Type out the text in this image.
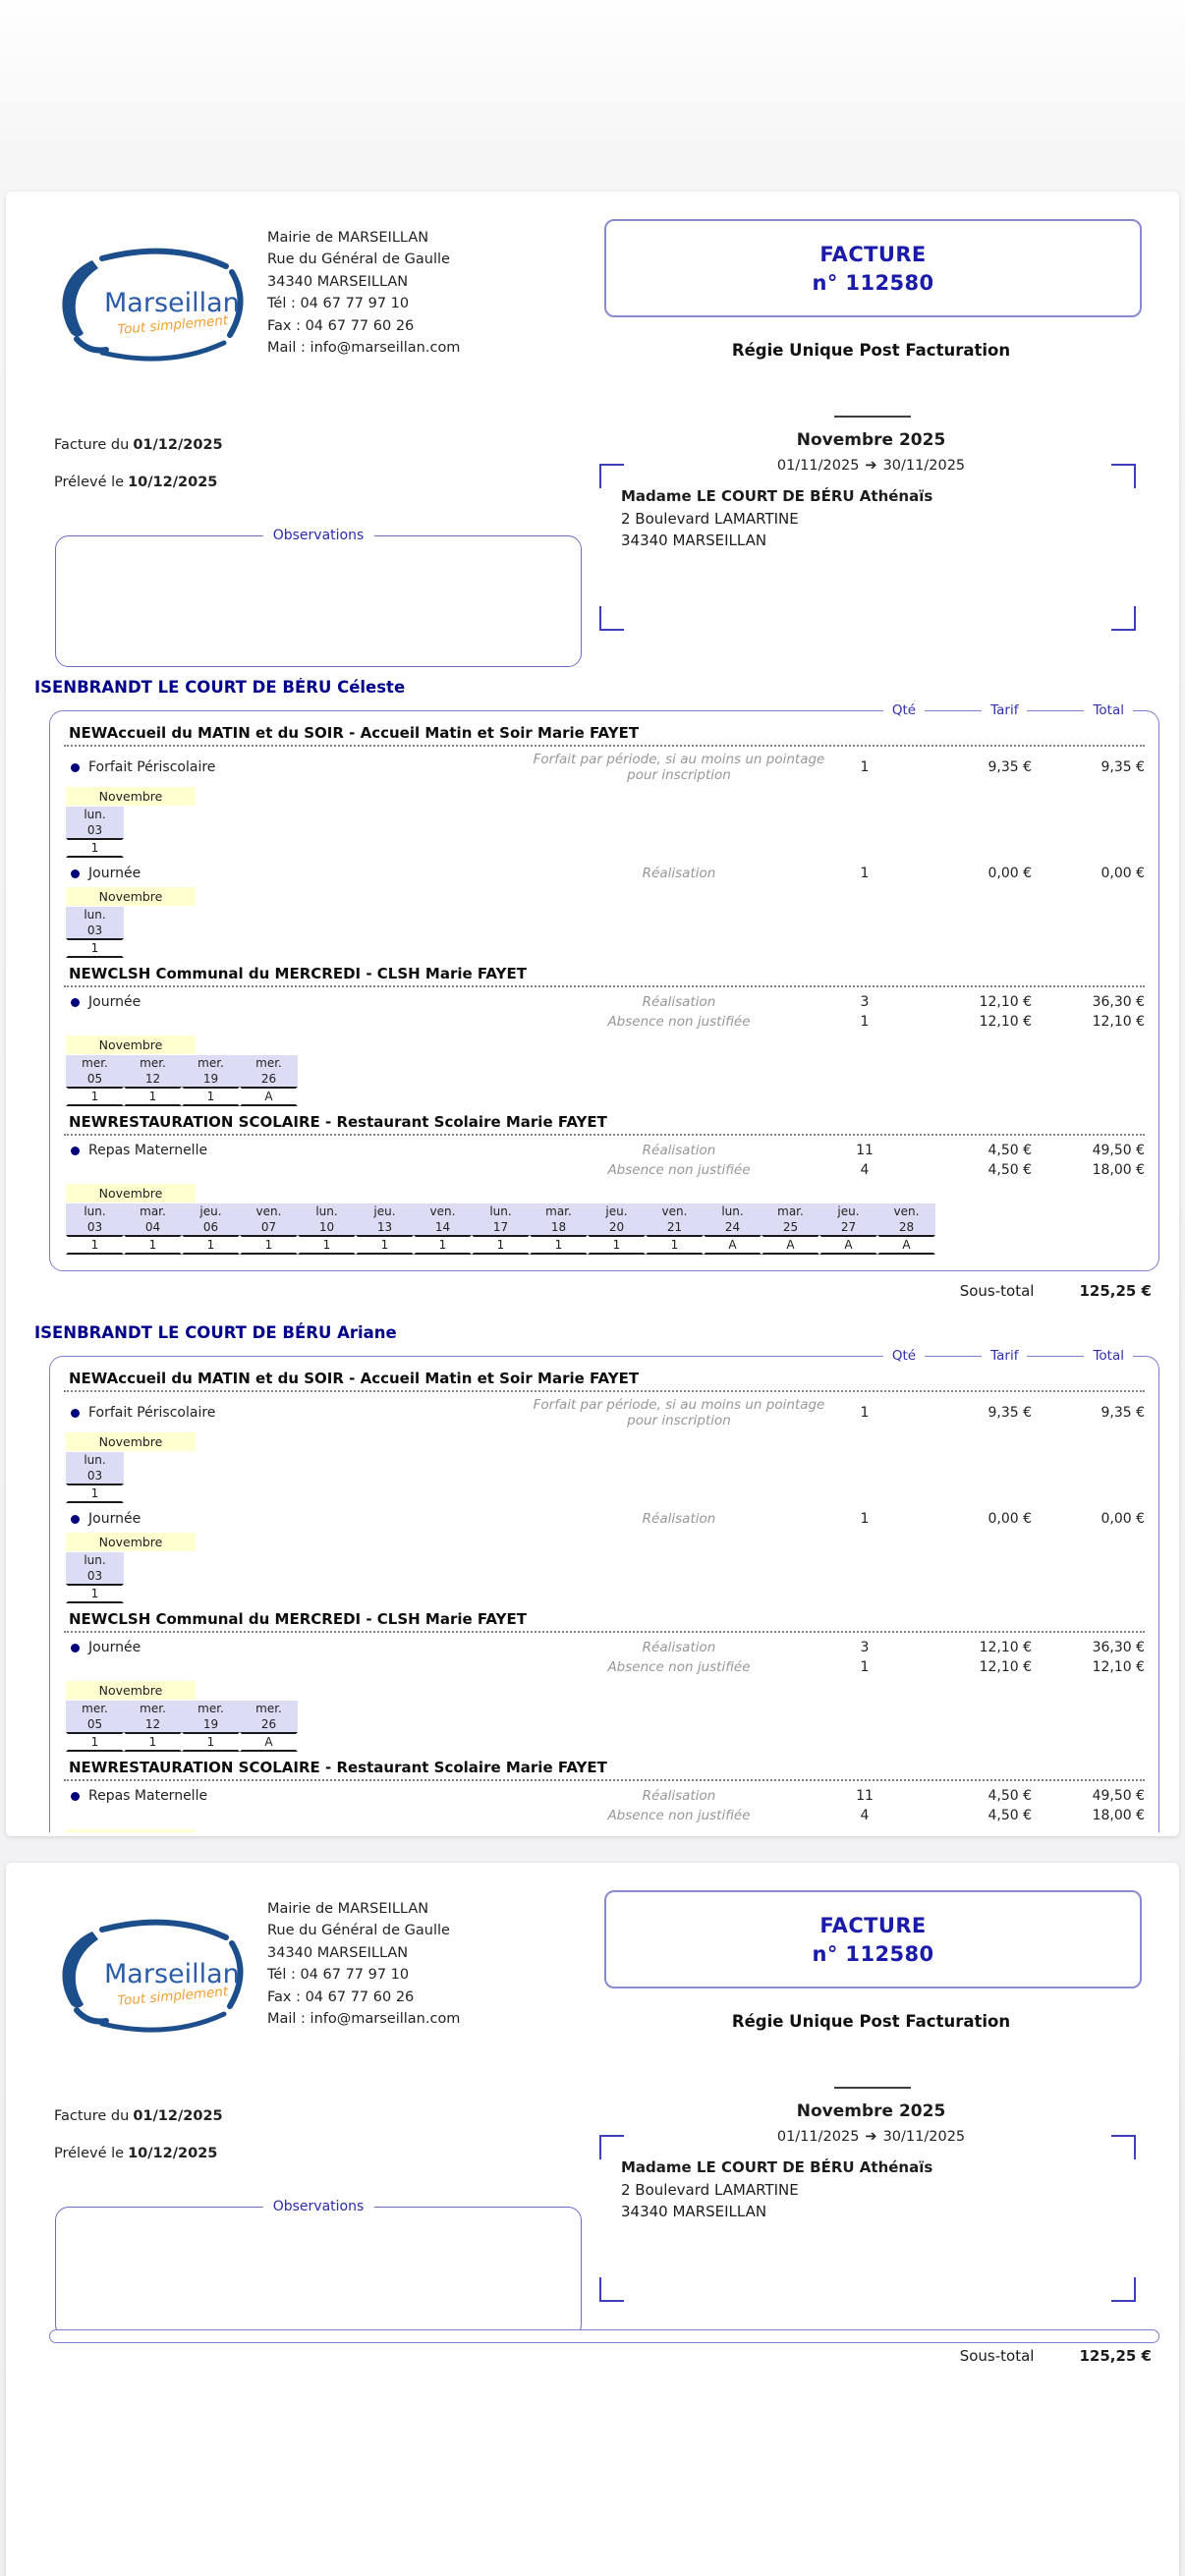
Marseillan
Tout simplement
Mairie de MARSEILLAN
Rue du Général de Gaulle
34340 MARSEILLAN
Tél : 04 67 77 97 10
Fax : 04 67 77 60 26
Mail : info@marseillan.com
FACTURE
n° 112580
Régie Unique Post Facturation
Novembre 2025
01/11/2025 ➔ 30/11/2025
Facture du 01/12/2025
Prélevé le 10/12/2025
Madame LE COURT DE BÉRU Athénaïs
2 Boulevard LAMARTINE
34340 MARSEILLAN
Observations
ISENBRANDT LE COURT DE BÉRU Céleste
Qté	Tarif	Total
NEWAccueil du MATIN et du SOIR - Accueil Matin et Soir Marie FAYET
Forfait Périscolaire	Forfait par période, si au moins un pointage pour inscription	1	9,35 €	9,35 €
Novembre
lun.
03
1
Journée	Réalisation	1	0,00 €	0,00 €
Novembre
lun.
03
1
NEWCLSH Communal du MERCREDI - CLSH Marie FAYET
Journée	Réalisation	3	12,10 €	36,30 €
Absence non justifiée	1	12,10 €	12,10 €
Novembre
mer.	mer.	mer.	mer.
05	12	19	26
1	1	1	A
NEWRESTAURATION SCOLAIRE - Restaurant Scolaire Marie FAYET
Repas Maternelle	Réalisation	11	4,50 €	49,50 €
Absence non justifiée	4	4,50 €	18,00 €
Novembre
lun.	mar.	jeu.	ven.	lun.	jeu.	ven.	lun.	mar.	jeu.	ven.	lun.	mar.	jeu.	ven.
03	04	06	07	10	13	14	17	18	20	21	24	25	27	28
1	1	1	1	1	1	1	1	1	1	1	A	A	A	A
Sous-total	125,25 €
ISENBRANDT LE COURT DE BÉRU Ariane
Qté	Tarif	Total
NEWAccueil du MATIN et du SOIR - Accueil Matin et Soir Marie FAYET
Forfait Périscolaire	Forfait par période, si au moins un pointage pour inscription	1	9,35 €	9,35 €
Novembre
lun.
03
1
Journée	Réalisation	1	0,00 €	0,00 €
Novembre
lun.
03
1
NEWCLSH Communal du MERCREDI - CLSH Marie FAYET
Journée	Réalisation	3	12,10 €	36,30 €
Absence non justifiée	1	12,10 €	12,10 €
Novembre
mer.	mer.	mer.	mer.
05	12	19	26
1	1	1	A
NEWRESTAURATION SCOLAIRE - Restaurant Scolaire Marie FAYET
Repas Maternelle	Réalisation	11	4,50 €	49,50 €
Absence non justifiée	4	4,50 €	18,00 €

Marseillan
Tout simplement
Mairie de MARSEILLAN
Rue du Général de Gaulle
34340 MARSEILLAN
Tél : 04 67 77 97 10
Fax : 04 67 77 60 26
Mail : info@marseillan.com
FACTURE
n° 112580
Régie Unique Post Facturation
Novembre 2025
01/11/2025 ➔ 30/11/2025
Facture du 01/12/2025
Prélevé le 10/12/2025
Madame LE COURT DE BÉRU Athénaïs
2 Boulevard LAMARTINE
34340 MARSEILLAN
Observations
Sous-total	125,25 €
